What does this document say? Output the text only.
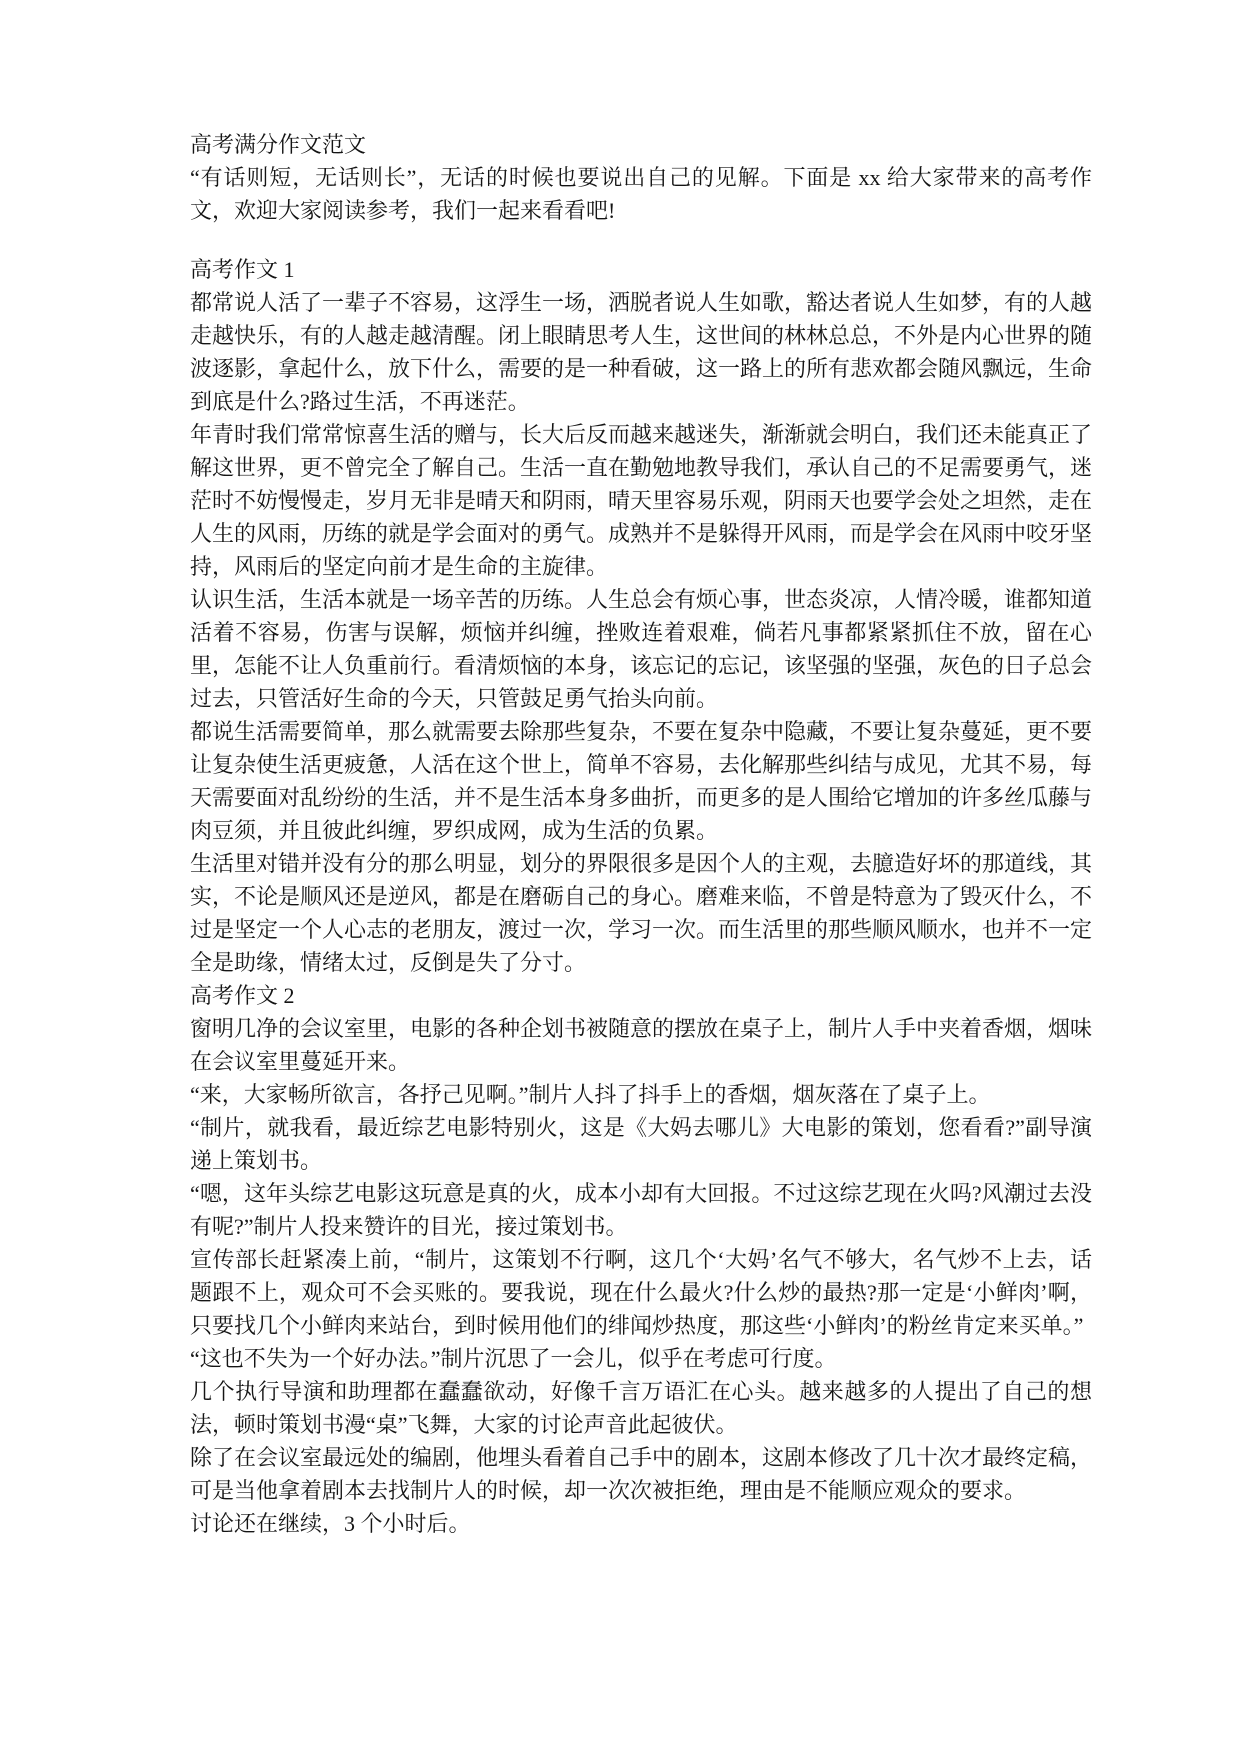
高考满分作文范文

“有话则短，无话则长”，无话的时候也要说出自己的见解。下面是 xx 给大家带来的高考作文，欢迎大家阅读参考，我们一起来看看吧!

高考作文 1

都常说人活了一辈子不容易，这浮生一场，洒脱者说人生如歌，豁达者说人生如梦，有的人越走越快乐，有的人越走越清醒。闭上眼睛思考人生，这世间的林林总总，不外是内心世界的随波逐影，拿起什么，放下什么，需要的是一种看破，这一路上的所有悲欢都会随风飘远，生命到底是什么?路过生活，不再迷茫。

年青时我们常常惊喜生活的赠与，长大后反而越来越迷失，渐渐就会明白，我们还未能真正了解这世界，更不曾完全了解自己。生活一直在勤勉地教导我们，承认自己的不足需要勇气，迷茫时不妨慢慢走，岁月无非是晴天和阴雨，晴天里容易乐观，阴雨天也要学会处之坦然，走在人生的风雨，历练的就是学会面对的勇气。成熟并不是躲得开风雨，而是学会在风雨中咬牙坚持，风雨后的坚定向前才是生命的主旋律。

认识生活，生活本就是一场辛苦的历练。人生总会有烦心事，世态炎凉，人情冷暖，谁都知道活着不容易，伤害与误解，烦恼并纠缠，挫败连着艰难，倘若凡事都紧紧抓住不放，留在心里，怎能不让人负重前行。看清烦恼的本身，该忘记的忘记，该坚强的坚强，灰色的日子总会过去，只管活好生命的今天，只管鼓足勇气抬头向前。

都说生活需要简单，那么就需要去除那些复杂，不要在复杂中隐藏，不要让复杂蔓延，更不要让复杂使生活更疲惫，人活在这个世上，简单不容易，去化解那些纠结与成见，尤其不易，每天需要面对乱纷纷的生活，并不是生活本身多曲折，而更多的是人围给它增加的许多丝瓜藤与肉豆须，并且彼此纠缠，罗织成网，成为生活的负累。

生活里对错并没有分的那么明显，划分的界限很多是因个人的主观，去臆造好坏的那道线，其实，不论是顺风还是逆风，都是在磨砺自己的身心。磨难来临，不曾是特意为了毁灭什么，不过是坚定一个人心志的老朋友，渡过一次，学习一次。而生活里的那些顺风顺水，也并不一定全是助缘，情绪太过，反倒是失了分寸。

高考作文 2

窗明几净的会议室里，电影的各种企划书被随意的摆放在桌子上，制片人手中夹着香烟，烟味在会议室里蔓延开来。

“来，大家畅所欲言，各抒己见啊。”制片人抖了抖手上的香烟，烟灰落在了桌子上。

“制片，就我看，最近综艺电影特别火，这是《大妈去哪儿》大电影的策划，您看看?”副导演递上策划书。

“嗯，这年头综艺电影这玩意是真的火，成本小却有大回报。不过这综艺现在火吗?风潮过去没有呢?”制片人投来赞许的目光，接过策划书。

宣传部长赶紧凑上前，“制片，这策划不行啊，这几个‘大妈’名气不够大，名气炒不上去，话题跟不上，观众可不会买账的。要我说，现在什么最火?什么炒的最热?那一定是‘小鲜肉’啊，只要找几个小鲜肉来站台，到时候用他们的绯闻炒热度，那这些‘小鲜肉’的粉丝肯定来买单。”

“这也不失为一个好办法。”制片沉思了一会儿，似乎在考虑可行度。

几个执行导演和助理都在蠢蠢欲动，好像千言万语汇在心头。越来越多的人提出了自己的想法，顿时策划书漫“桌”飞舞，大家的讨论声音此起彼伏。

除了在会议室最远处的编剧，他埋头看着自己手中的剧本，这剧本修改了几十次才最终定稿，可是当他拿着剧本去找制片人的时候，却一次次被拒绝，理由是不能顺应观众的要求。

讨论还在继续，3 个小时后。
